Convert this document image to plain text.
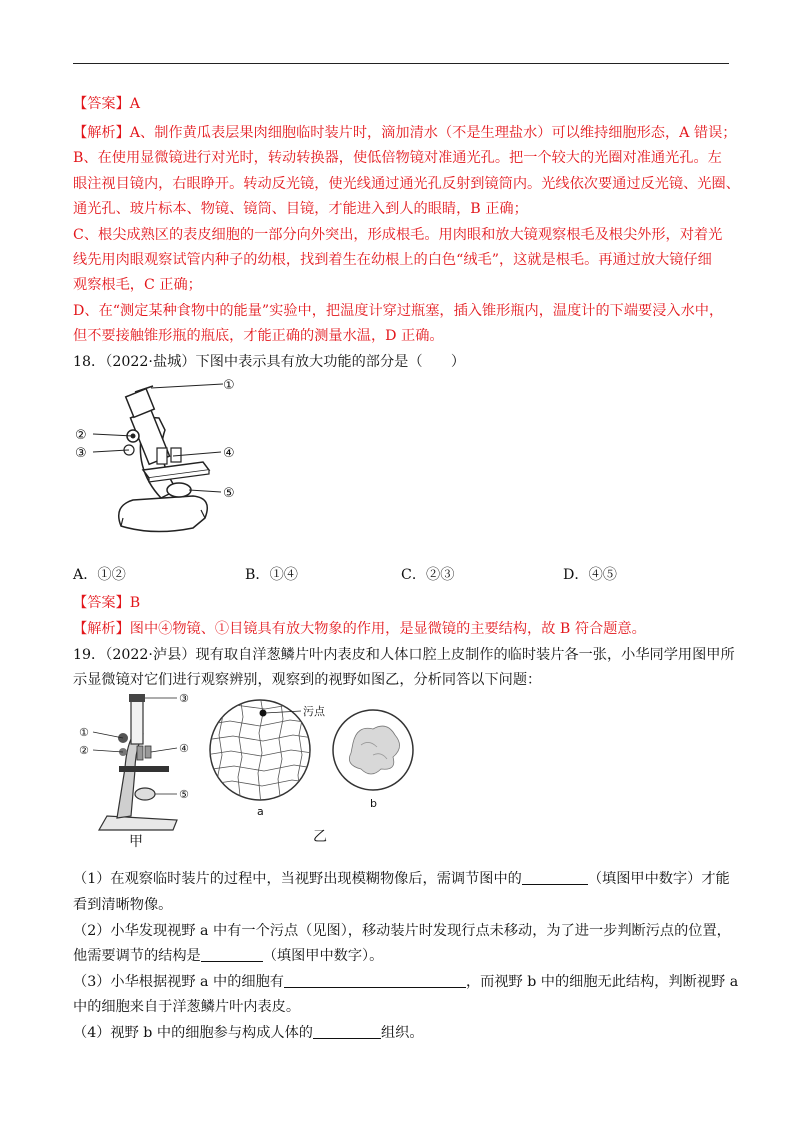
【答案】A
【解析】A、制作黄瓜表层果肉细胞临时装片时，滴加清水（不是生理盐水）可以维持细胞形态，A 错误；
B、在使用显微镜进行对光时，转动转换器，使低倍物镜对准通光孔。把一个较大的光圈对准通光孔。左
眼注视目镜内，右眼睁开。转动反光镜，使光线通过通光孔反射到镜筒内。光线依次要通过反光镜、光圈、
通光孔、玻片标本、物镜、镜筒、目镜，才能进入到人的眼睛，B 正确；
C、根尖成熟区的表皮细胞的一部分向外突出，形成根毛。用肉眼和放大镜观察根毛及根尖外形，对着光
线先用肉眼观察试管内种子的幼根，找到着生在幼根上的白色“绒毛”，这就是根毛。再通过放大镜仔细
观察根毛，C 正确；
D、在“测定某种食物中的能量”实验中，把温度计穿过瓶塞，插入锥形瓶内，温度计的下端要浸入水中，
但不要接触锥形瓶的瓶底，才能正确的测量水温，D 正确。
18．（2022·盐城）下图中表示具有放大功能的部分是（　　）
①
②
③	④
⑤
A．①②	B．①④	C．②③	D．④⑤
【答案】B
【解析】图中④物镜、①目镜具有放大物象的作用，是显微镜的主要结构，故 B 符合题意。
19．（2022·泸县）现有取自洋葱鳞片叶内表皮和人体口腔上皮制作的临时装片各一张，小华同学用图甲所
示显微镜对它们进行观察辨别，观察到的视野如图乙，分析同答以下问题：
③
①
②	④
⑤
甲
污点
a
b
乙
（1）在观察临时装片的过程中，当视野出现模糊物像后，需调节图中的	（填图甲中数字）才能
看到清晰物像。
（2）小华发现视野 a 中有一个污点（见图），移动装片时发现行点未移动，为了进一步判断污点的位置，
他需要调节的结构是	（填图甲中数字）。
（3）小华根据视野 a 中的细胞有	，而视野 b 中的细胞无此结构，判断视野 a
中的细胞来自于洋葱鳞片叶内表皮。
（4）视野 b 中的细胞参与构成人体的	组织。
